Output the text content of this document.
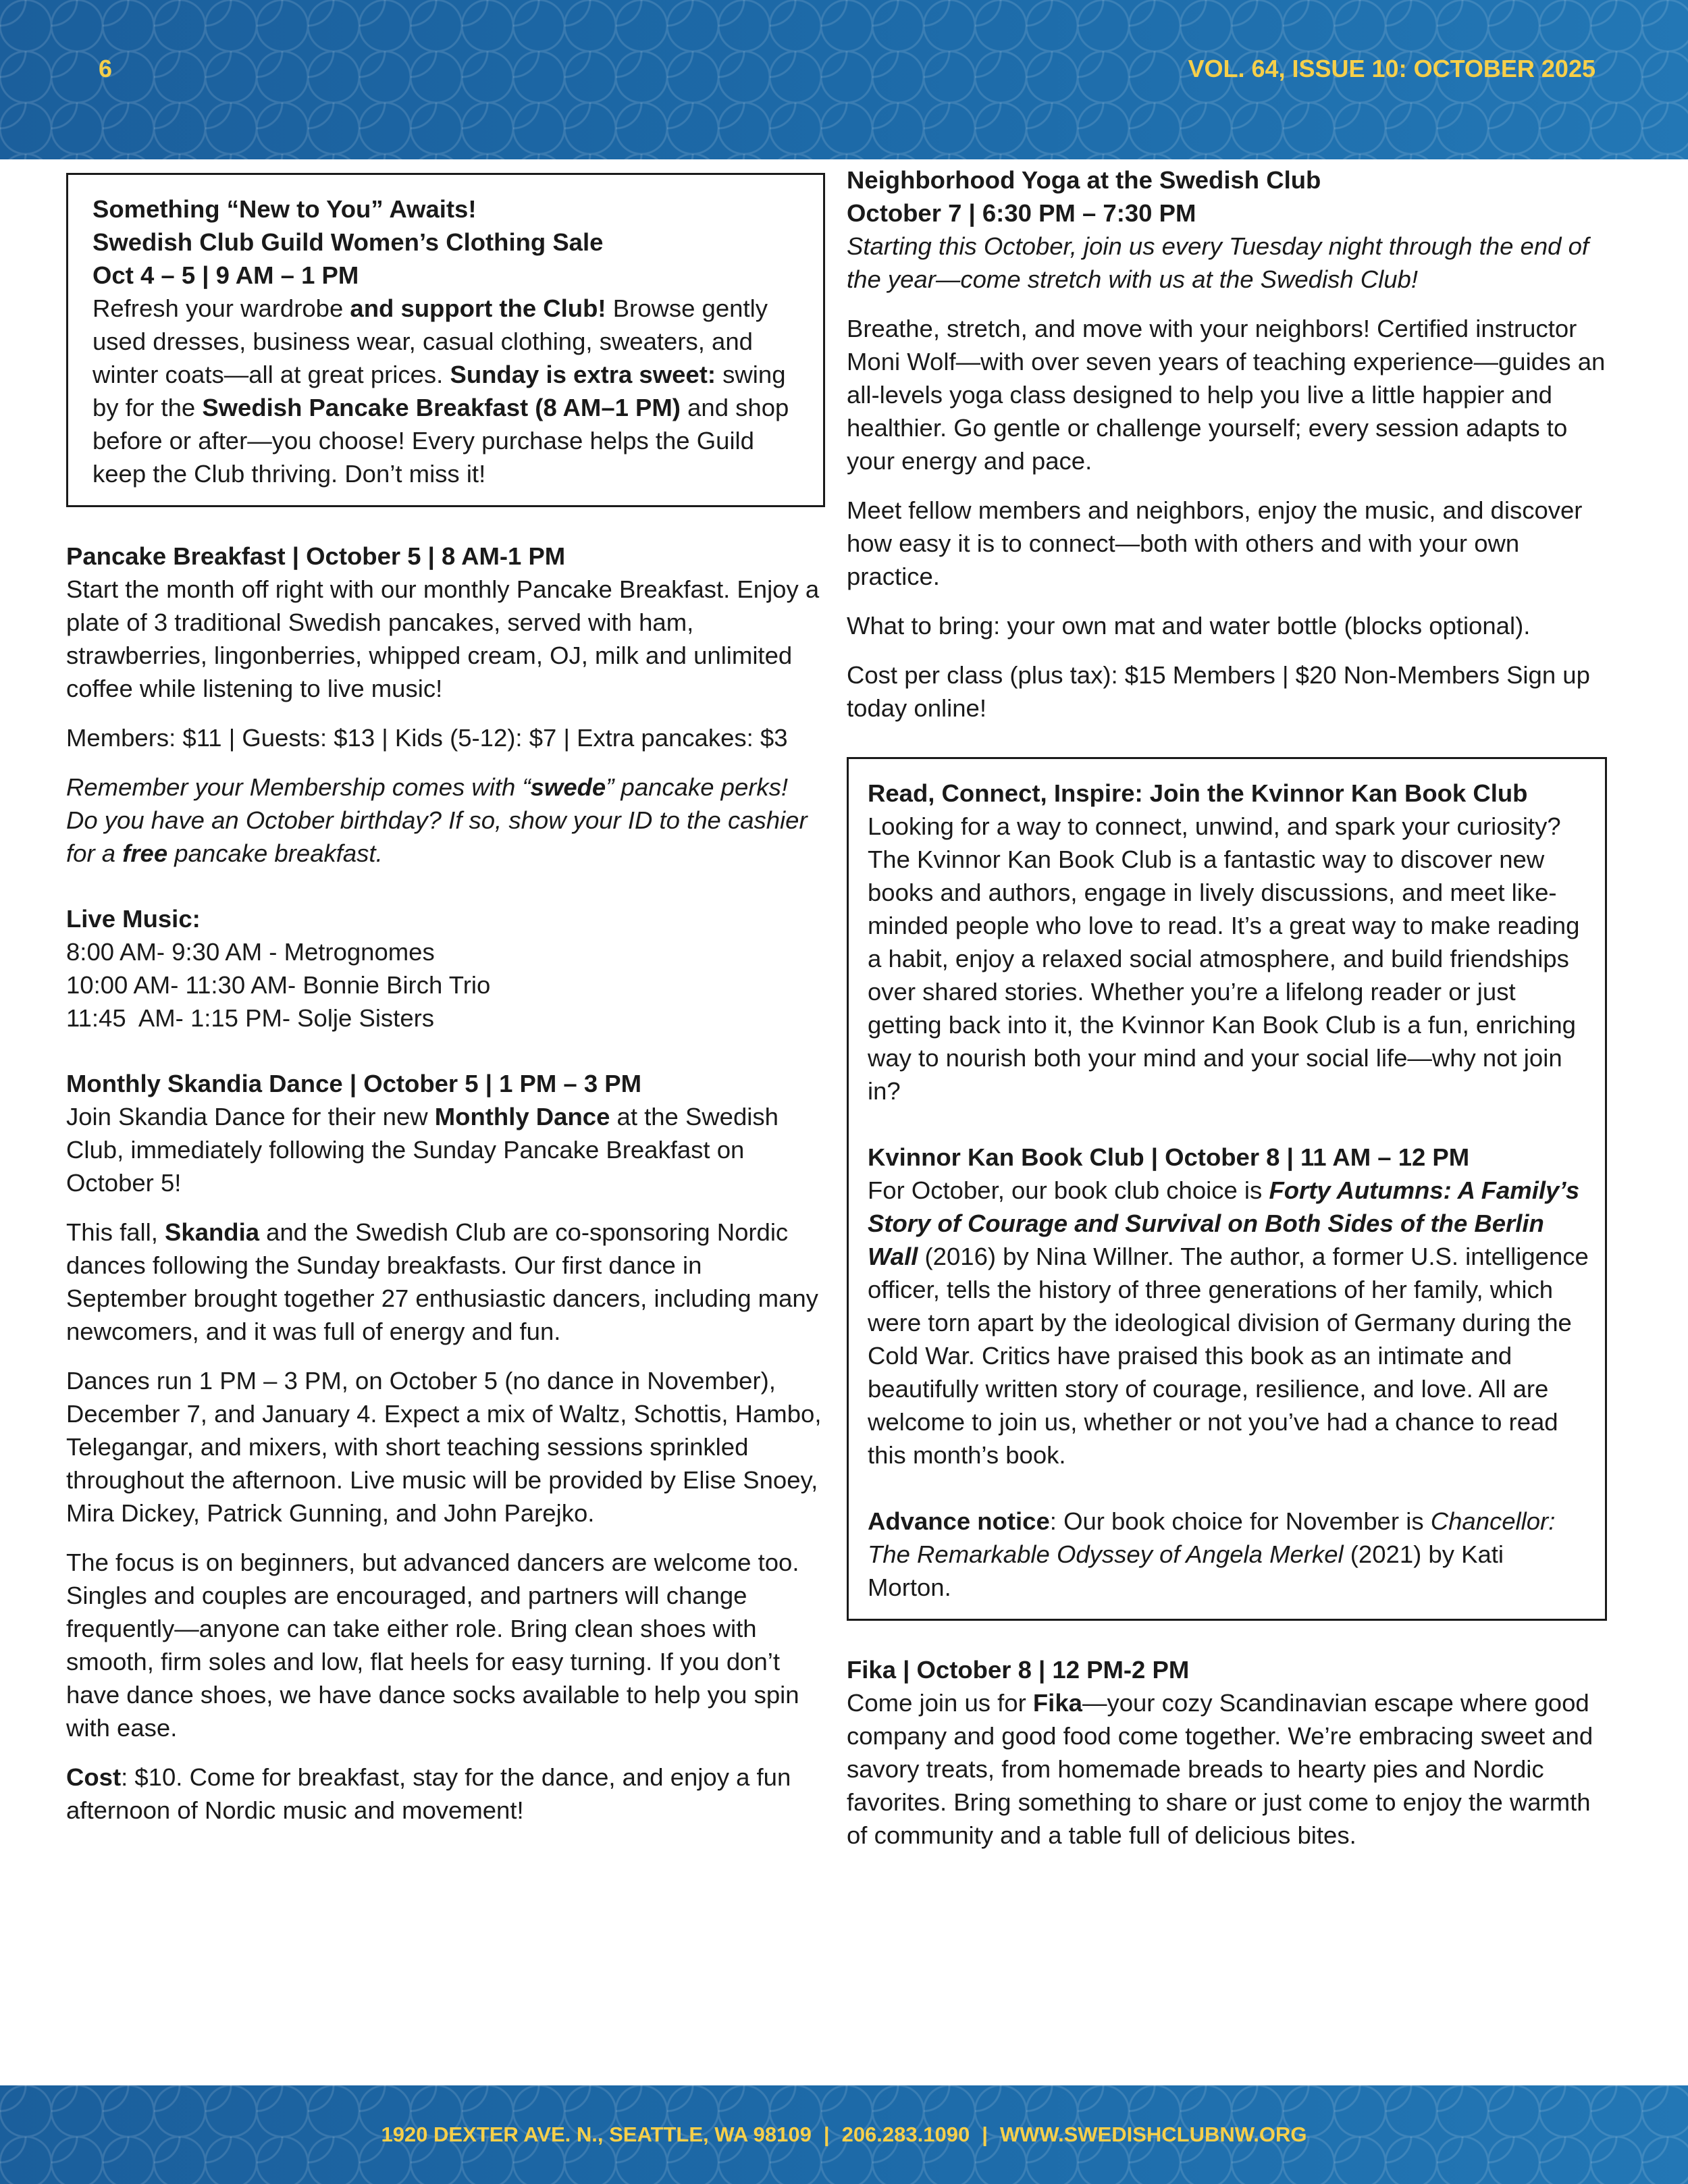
6	VOL. 64, ISSUE 10: OCTOBER 2025
Something “New to You” Awaits!
Swedish Club Guild Women’s Clothing Sale
Oct 4 – 5 | 9 AM – 1 PM

Refresh your wardrobe and support the Club! Browse gently used dresses, business wear, casual clothing, sweaters, and winter coats—all at great prices. Sunday is extra sweet: swing by for the Swedish Pancake Breakfast (8 AM–1 PM) and shop before or after—you choose! Every purchase helps the Guild keep the Club thriving. Don’t miss it!

Pancake Breakfast | October 5 | 8 AM-1 PM

Start the month off right with our monthly Pancake Breakfast. Enjoy a plate of 3 traditional Swedish pancakes, served with ham, strawberries, lingonberries, whipped cream, OJ, milk and unlimited coffee while listening to live music!

Members: $11 | Guests: $13 | Kids (5-12): $7 | Extra pancakes: $3

Remember your Membership comes with “swede” pancake perks! Do you have an October birthday? If so, show your ID to the cashier for a free pancake breakfast.

Live Music:
8:00 AM- 9:30 AM - Metrognomes
10:00 AM- 11:30 AM- Bonnie Birch Trio
11:45  AM- 1:15 PM- Solje Sisters
Monthly Skandia Dance | October 5 | 1 PM – 3 PM

Join Skandia Dance for their new Monthly Dance at the Swedish Club, immediately following the Sunday Pancake Breakfast on October 5!

This fall, Skandia and the Swedish Club are co-sponsoring Nordic dances following the Sunday breakfasts. Our first dance in September brought together 27 enthusiastic dancers, including many newcomers, and it was full of energy and fun.

Dances run 1 PM – 3 PM, on October 5 (no dance in November), December 7, and January 4. Expect a mix of Waltz, Schottis, Hambo, Telegangar, and mixers, with short teaching sessions sprinkled throughout the afternoon. Live music will be provided by Elise Snoey, Mira Dickey, Patrick Gunning, and John Parejko.

The focus is on beginners, but advanced dancers are welcome too. Singles and couples are encouraged, and partners will change frequently—anyone can take either role. Bring clean shoes with smooth, firm soles and low, flat heels for easy turning. If you don’t have dance shoes, we have dance socks available to help you spin with ease.

Cost: $10. Come for breakfast, stay for the dance, and enjoy a fun afternoon of Nordic music and movement!

Neighborhood Yoga at the Swedish Club
October 7 | 6:30 PM – 7:30 PM

Starting this October, join us every Tuesday night through the end of the year—come stretch with us at the Swedish Club!

Breathe, stretch, and move with your neighbors! Certified instructor Moni Wolf—with over seven years of teaching experience—guides an all-levels yoga class designed to help you live a little happier and healthier. Go gentle or challenge yourself; every session adapts to your energy and pace.

Meet fellow members and neighbors, enjoy the music, and discover how easy it is to connect—both with others and with your own practice.

What to bring: your own mat and water bottle (blocks optional).

Cost per class (plus tax): $15 Members | $20 Non-Members Sign up today online!

Read, Connect, Inspire: Join the Kvinnor Kan Book Club

Looking for a way to connect, unwind, and spark your curiosity? The Kvinnor Kan Book Club is a fantastic way to discover new books and authors, engage in lively discussions, and meet like-minded people who love to read. It’s a great way to make reading a habit, enjoy a relaxed social atmosphere, and build friendships over shared stories. Whether you’re a lifelong reader or just getting back into it, the Kvinnor Kan Book Club is a fun, enriching way to nourish both your mind and your social life—why not join in?

Kvinnor Kan Book Club | October 8 | 11 AM – 12 PM

For October, our book club choice is Forty Autumns: A Family’s Story of Courage and Survival on Both Sides of the Berlin Wall (2016) by Nina Willner. The author, a former U.S. intelligence officer, tells the history of three generations of her family, which were torn apart by the ideological division of Germany during the Cold War. Critics have praised this book as an intimate and beautifully written story of courage, resilience, and love. All are welcome to join us, whether or not you’ve had a chance to read this month’s book.

Advance notice: Our book choice for November is Chancellor: The Remarkable Odyssey of Angela Merkel (2021) by Kati Morton.

Fika | October 8 | 12 PM-2 PM

Come join us for Fika—your cozy Scandinavian escape where good company and good food come together. We’re embracing sweet and savory treats, from homemade breads to hearty pies and Nordic favorites. Bring something to share or just come to enjoy the warmth of community and a table full of delicious bites.

1920 DEXTER AVE. N., SEATTLE, WA 98109 | 206.283.1090 | WWW.SWEDISHCLUBNW.ORG
